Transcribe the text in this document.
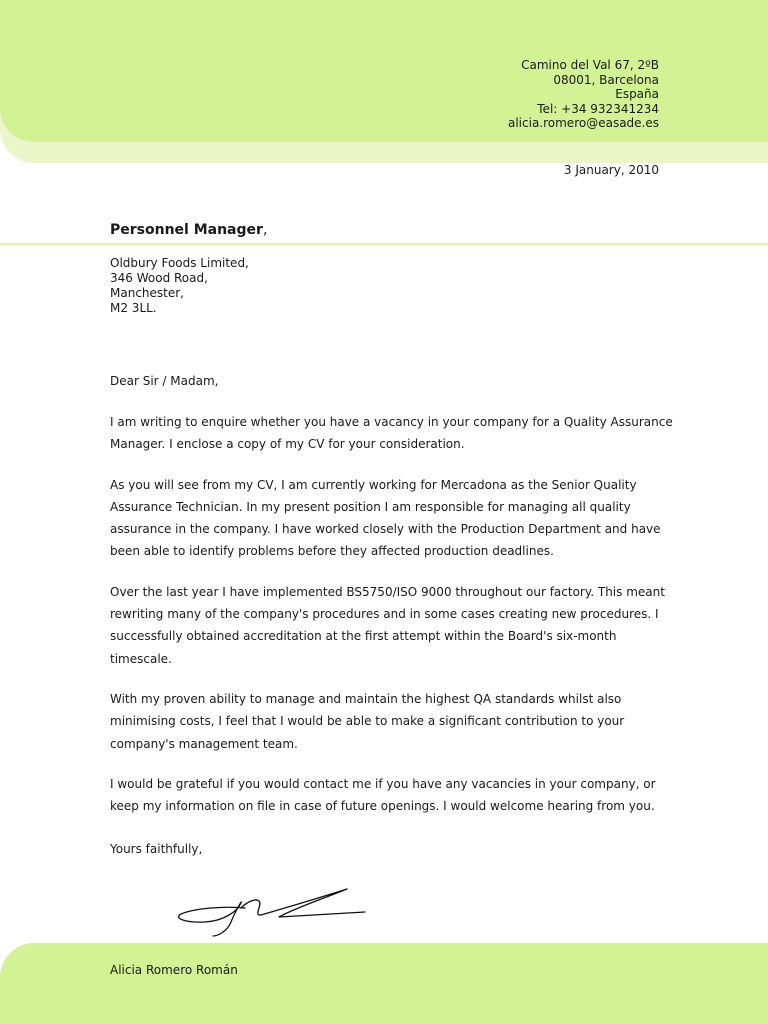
Camino del Val 67, 2ºB
08001, Barcelona
España
Tel: +34 932341234
alicia.romero@easade.es
3 January, 2010
Personnel Manager,
Oldbury Foods Limited,
346 Wood Road,
Manchester,
M2 3LL.
Dear Sir / Madam,

I am writing to enquire whether you have a vacancy in your company for a Quality Assurance
Manager. I enclose a copy of my CV for your consideration.

As you will see from my CV, I am currently working for Mercadona as the Senior Quality
Assurance Technician. In my present position I am responsible for managing all quality
assurance in the company. I have worked closely with the Production Department and have
been able to identify problems before they affected production deadlines.

Over the last year I have implemented BS5750/ISO 9000 throughout our factory. This meant
rewriting many of the company's procedures and in some cases creating new procedures. I
successfully obtained accreditation at the first attempt within the Board's six-month
timescale.

With my proven ability to manage and maintain the highest QA standards whilst also
minimising costs, I feel that I would be able to make a significant contribution to your
company's management team.

I would be grateful if you would contact me if you have any vacancies in your company, or
keep my information on file in case of future openings. I would welcome hearing from you.

Yours faithfully,
Alicia Romero Román
